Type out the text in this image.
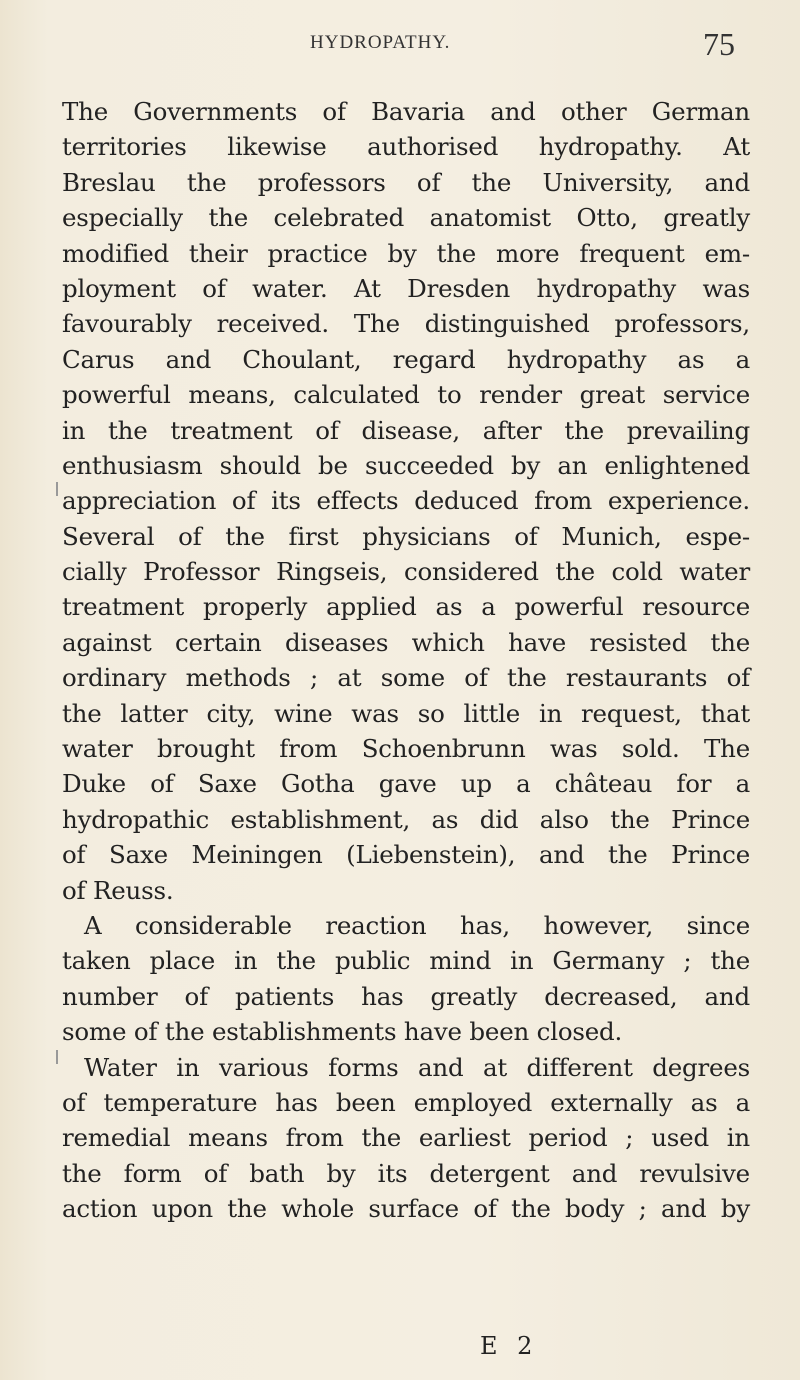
HYDROPATHY.	75
The Governments of Bavaria and other German
territories likewise authorised hydropathy. At
Breslau the professors of the University, and
especially the celebrated anatomist Otto, greatly
modified their practice by the more frequent em-
ployment of water. At Dresden hydropathy was
favourably received. The distinguished professors,
Carus and Choulant, regard hydropathy as a
powerful means, calculated to render great service
in the treatment of disease, after the prevailing
enthusiasm should be succeeded by an enlightened
appreciation of its effects deduced from experience.
Several of the first physicians of Munich, espe-
cially Professor Ringseis, considered the cold water
treatment properly applied as a powerful resource
against certain diseases which have resisted the
ordinary methods ; at some of the restaurants of
the latter city, wine was so little in request, that
water brought from Schoenbrunn was sold. The
Duke of Saxe Gotha gave up a château for a
hydropathic establishment, as did also the Prince
of Saxe Meiningen (Liebenstein), and the Prince
of Reuss.
A considerable reaction has, however, since
taken place in the public mind in Germany ; the
number of patients has greatly decreased, and
some of the establishments have been closed.
Water in various forms and at different degrees
of temperature has been employed externally as a
remedial means from the earliest period ; used in
the form of bath by its detergent and revulsive
action upon the whole surface of the body ; and by
E 2
